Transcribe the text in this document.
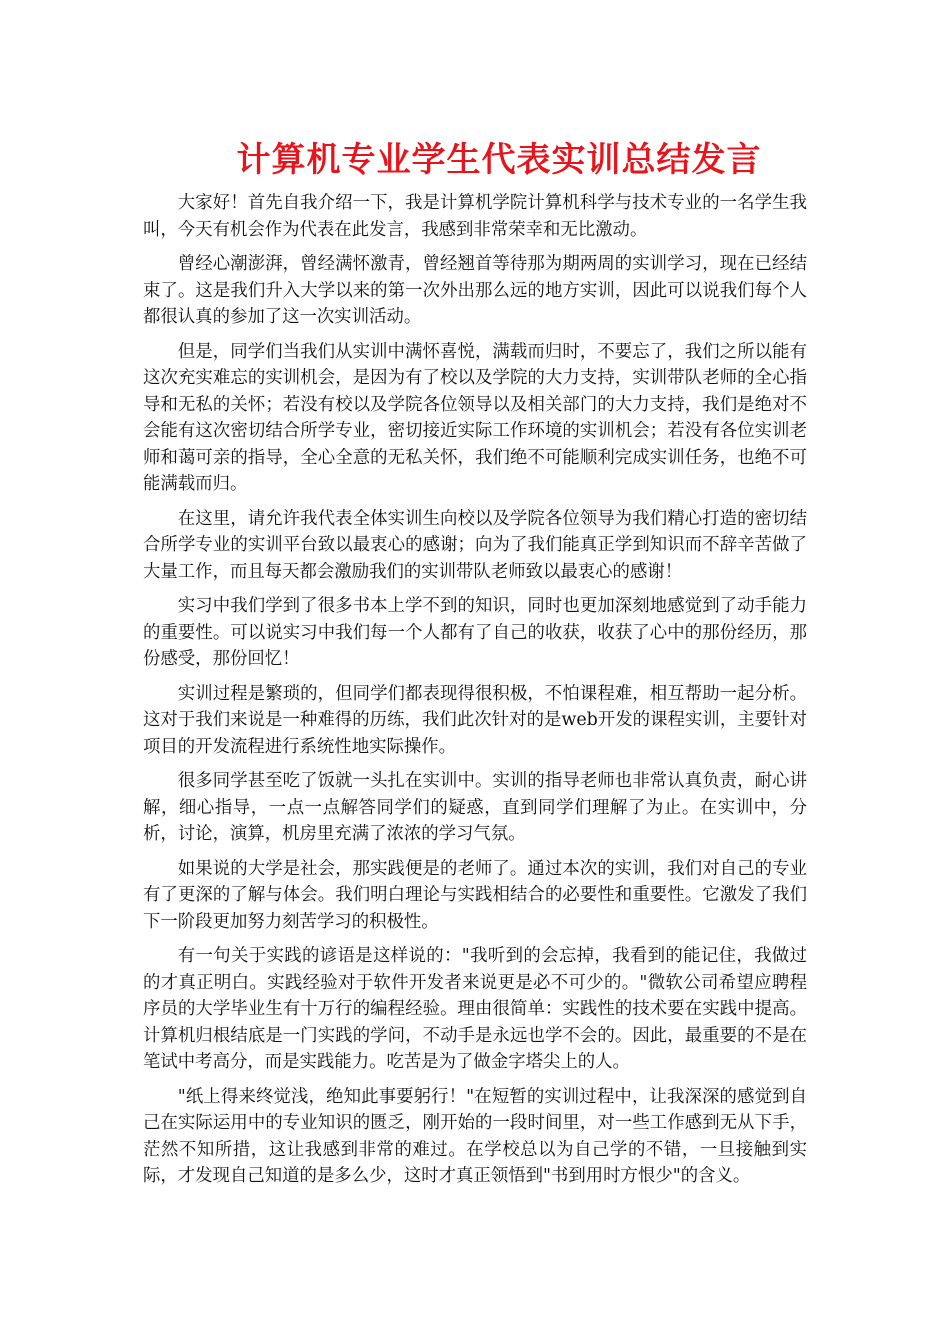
计算机专业学生代表实训总结发言

大家好！首先自我介绍一下，我是计算机学院计算机科学与技术专业的一名学生我叫，今天有机会作为代表在此发言，我感到非常荣幸和无比激动。

曾经心潮澎湃，曾经满怀激青，曾经翘首等待那为期两周的实训学习，现在已经结束了。这是我们升入大学以来的第一次外出那么远的地方实训，因此可以说我们每个人都很认真的参加了这一次实训活动。

但是，同学们当我们从实训中满怀喜悦，满载而归时，不要忘了，我们之所以能有这次充实难忘的实训机会，是因为有了校以及学院的大力支持，实训带队老师的全心指导和无私的关怀；若没有校以及学院各位领导以及相关部门的大力支持，我们是绝对不会能有这次密切结合所学专业，密切接近实际工作环境的实训机会；若没有各位实训老师和蔼可亲的指导，全心全意的无私关怀，我们绝不可能顺利完成实训任务，也绝不可能满载而归。

在这里，请允许我代表全体实训生向校以及学院各位领导为我们精心打造的密切结合所学专业的实训平台致以最衷心的感谢；向为了我们能真正学到知识而不辞辛苦做了大量工作，而且每天都会激励我们的实训带队老师致以最衷心的感谢！

实习中我们学到了很多书本上学不到的知识，同时也更加深刻地感觉到了动手能力的重要性。可以说实习中我们每一个人都有了自己的收获，收获了心中的那份经历，那份感受，那份回忆！

实训过程是繁琐的，但同学们都表现得很积极，不怕课程难，相互帮助一起分析。这对于我们来说是一种难得的历练，我们此次针对的是web开发的课程实训，主要针对项目的开发流程进行系统性地实际操作。

很多同学甚至吃了饭就一头扎在实训中。实训的指导老师也非常认真负责，耐心讲解，细心指导，一点一点解答同学们的疑惑，直到同学们理解了为止。在实训中，分析，讨论，演算，机房里充满了浓浓的学习气氛。

如果说的大学是社会，那实践便是的老师了。通过本次的实训，我们对自己的专业有了更深的了解与体会。我们明白理论与实践相结合的必要性和重要性。它激发了我们下一阶段更加努力刻苦学习的积极性。

有一句关于实践的谚语是这样说的："我听到的会忘掉，我看到的能记住，我做过的才真正明白。实践经验对于软件开发者来说更是必不可少的。"微软公司希望应聘程序员的大学毕业生有十万行的编程经验。理由很简单：实践性的技术要在实践中提高。计算机归根结底是一门实践的学问，不动手是永远也学不会的。因此，最重要的不是在笔试中考高分，而是实践能力。吃苦是为了做金字塔尖上的人。

"纸上得来终觉浅，绝知此事要躬行！"在短暂的实训过程中，让我深深的感觉到自己在实际运用中的专业知识的匮乏，刚开始的一段时间里，对一些工作感到无从下手，茫然不知所措，这让我感到非常的难过。在学校总以为自己学的不错，一旦接触到实际，才发现自己知道的是多么少，这时才真正领悟到"书到用时方恨少"的含义。
